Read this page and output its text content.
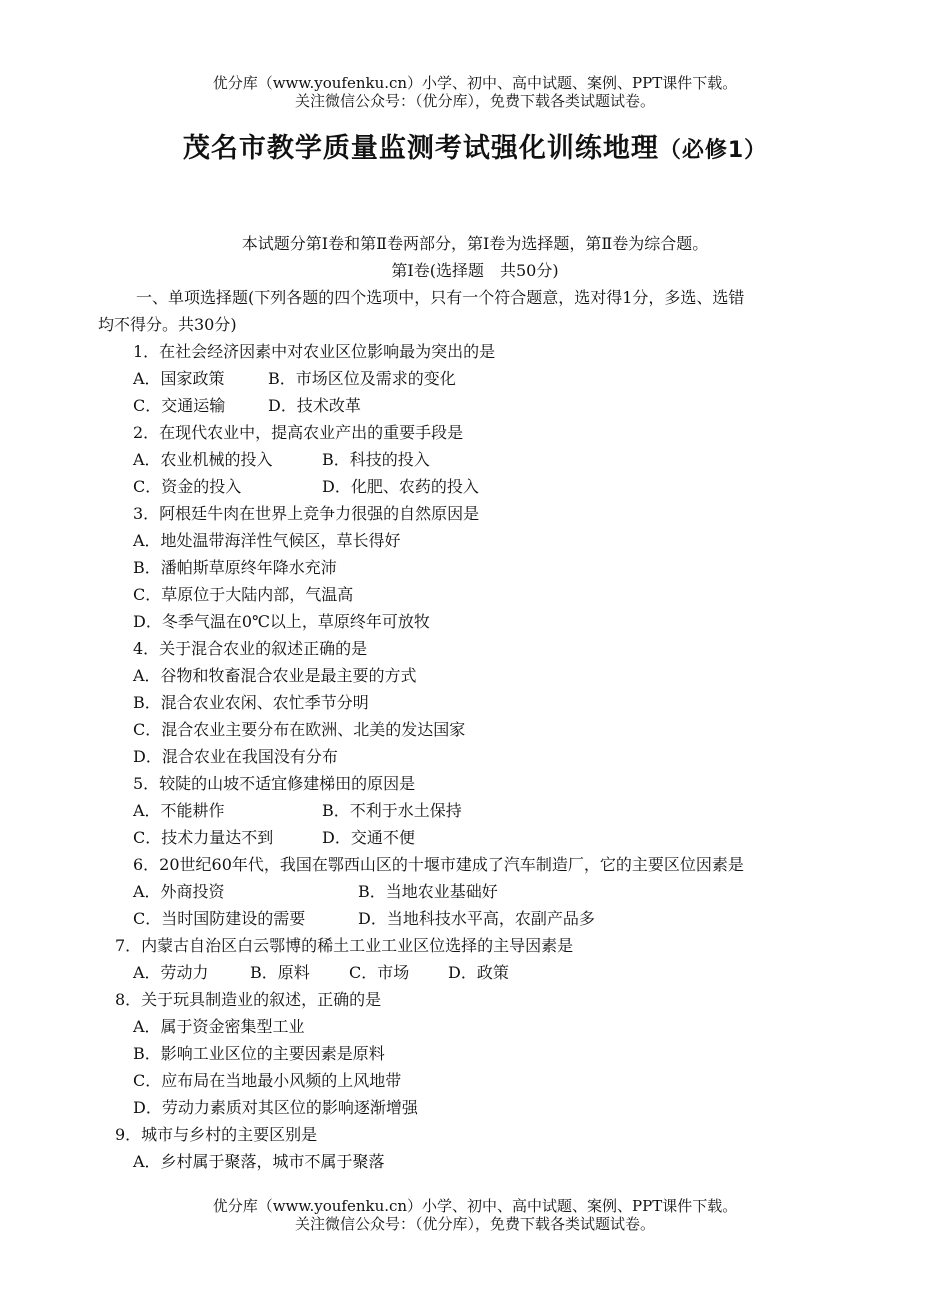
优分库（www.youfenku.cn）小学、初中、高中试题、案例、PPT课件下载。
关注微信公众号：（优分库），免费下载各类试题试卷。
茂名市教学质量监测考试强化训练地理（必修1）
本试题分第Ⅰ卷和第Ⅱ卷两部分，第Ⅰ卷为选择题，第Ⅱ卷为综合题。
第Ⅰ卷(选择题　共50分)
一、单项选择题(下列各题的四个选项中，只有一个符合题意，选对得1分，多选、选错
均不得分。共30分)
1．在社会经济因素中对农业区位影响最为突出的是
A．国家政策	B．市场区位及需求的变化
C．交通运输	D．技术改革
2．在现代农业中，提高农业产出的重要手段是
A．农业机械的投入	B．科技的投入
C．资金的投入	D．化肥、农药的投入
3．阿根廷牛肉在世界上竞争力很强的自然原因是
A．地处温带海洋性气候区，草长得好
B．潘帕斯草原终年降水充沛
C．草原位于大陆内部，气温高
D．冬季气温在0℃以上，草原终年可放牧
4．关于混合农业的叙述正确的是
A．谷物和牧畜混合农业是最主要的方式
B．混合农业农闲、农忙季节分明
C．混合农业主要分布在欧洲、北美的发达国家
D．混合农业在我国没有分布
5．较陡的山坡不适宜修建梯田的原因是
A．不能耕作	B．不利于水土保持
C．技术力量达不到	D．交通不便
6．20世纪60年代，我国在鄂西山区的十堰市建成了汽车制造厂，它的主要区位因素是
A．外商投资	B．当地农业基础好
C．当时国防建设的需要	D．当地科技水平高，农副产品多
7．内蒙古自治区白云鄂博的稀土工业工业区位选择的主导因素是
A．劳动力	B．原料 C．市场 D．政策
8．关于玩具制造业的叙述，正确的是
A．属于资金密集型工业
B．影响工业区位的主要因素是原料
C．应布局在当地最小风频的上风地带
D．劳动力素质对其区位的影响逐渐增强
9．城市与乡村的主要区别是
A．乡村属于聚落，城市不属于聚落
优分库（www.youfenku.cn）小学、初中、高中试题、案例、PPT课件下载。
关注微信公众号：（优分库），免费下载各类试题试卷。
